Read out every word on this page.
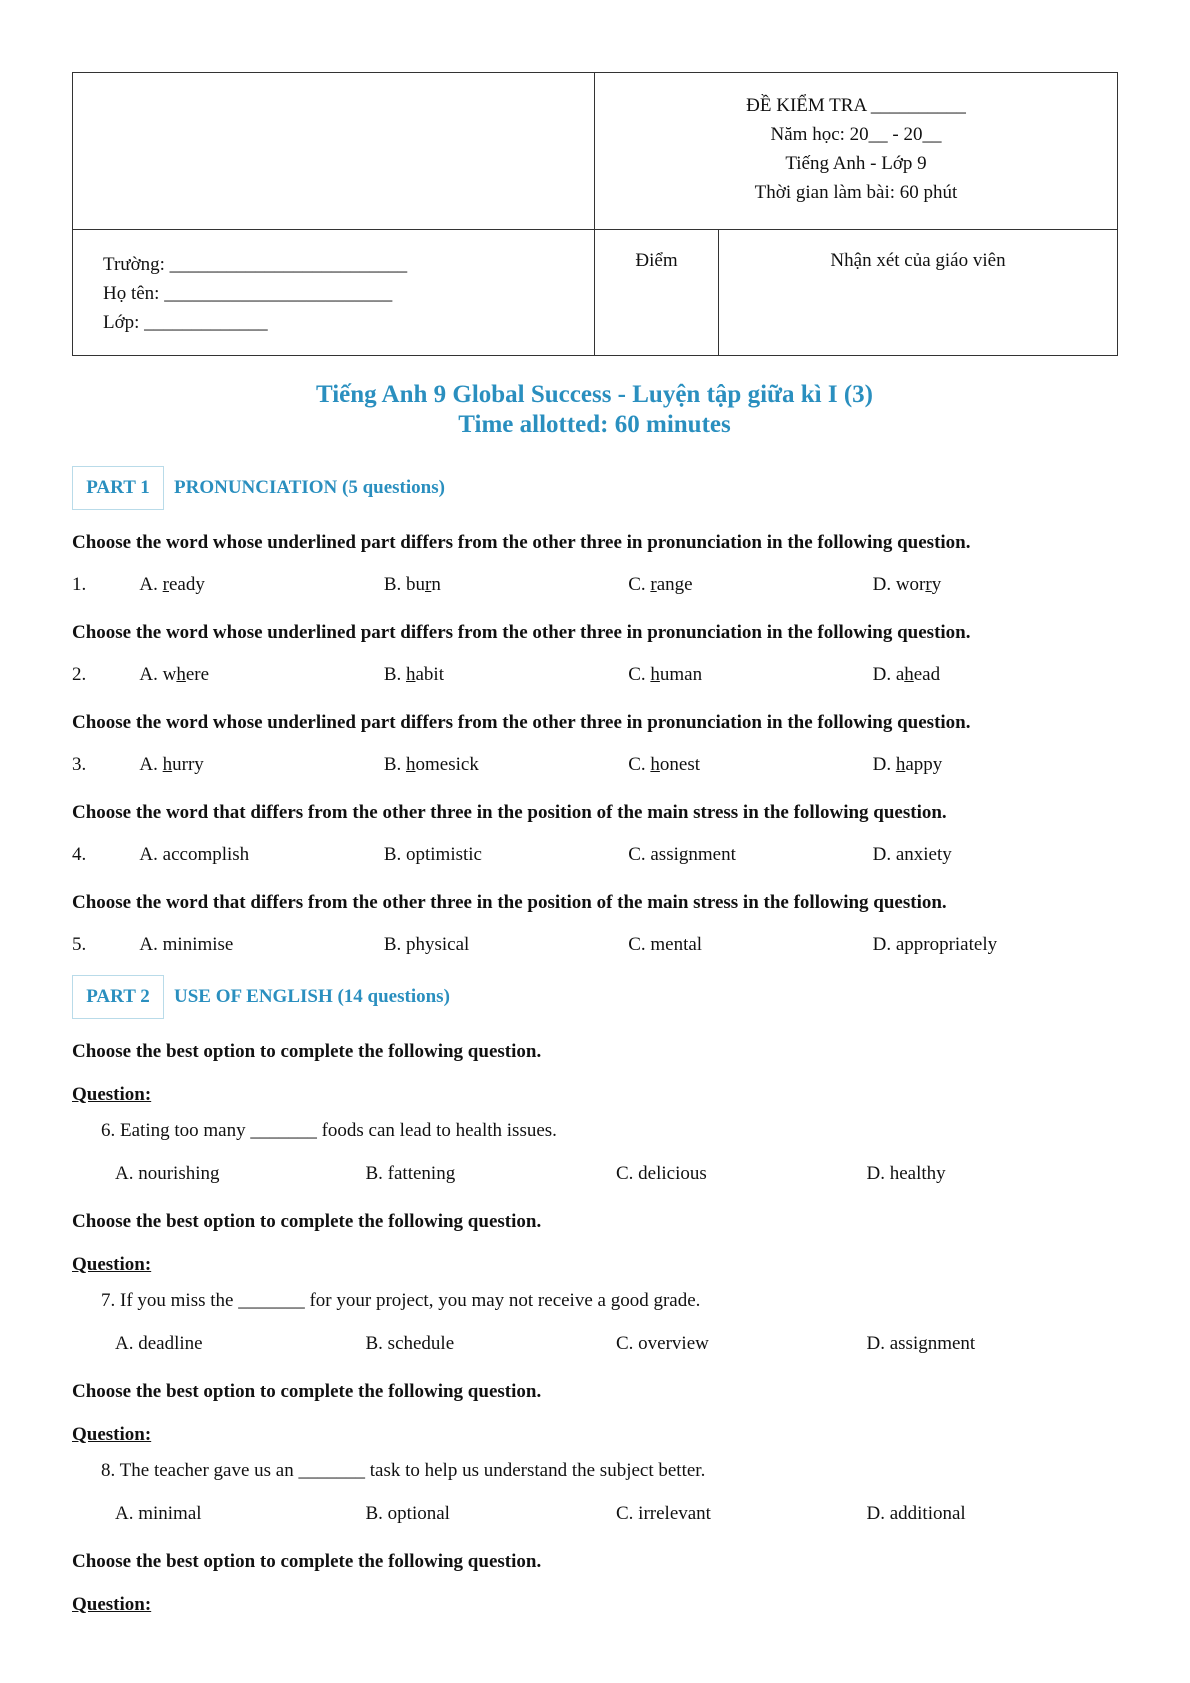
	ĐỀ KIỂM TRA __________
Năm học: 20__ - 20__
Tiếng Anh - Lớp 9
Thời gian làm bài: 60 phút	

Trường: _________________________
Họ tên: ________________________
Lớp: _____________	Điểm	Nhận xét của giáo viên
Tiếng Anh 9 Global Success - Luyện tập giữa kì I (3)
Time allotted: 60 minutes
PART 1	PRONUNCIATION (5 questions)
Choose the word whose underlined part differs from the other three in pronunciation in the following question.
1.	A. ready	B. burn	C. range	D. worry
Choose the word whose underlined part differs from the other three in pronunciation in the following question.
2.	A. where	B. habit	C. human	D. ahead
Choose the word whose underlined part differs from the other three in pronunciation in the following question.
3.	A. hurry	B. homesick	C. honest	D. happy
Choose the word that differs from the other three in the position of the main stress in the following question.
4.	A. accomplish	B. optimistic	C. assignment	D. anxiety
Choose the word that differs from the other three in the position of the main stress in the following question.
5.	A. minimise	B. physical	C. mental	D. appropriately
PART 2	USE OF ENGLISH (14 questions)
Choose the best option to complete the following question.
Question:
6. Eating too many _______ foods can lead to health issues.
A. nourishing	B. fattening	C. delicious	D. healthy
Choose the best option to complete the following question.
Question:
7. If you miss the _______ for your project, you may not receive a good grade.
A. deadline	B. schedule	C. overview	D. assignment
Choose the best option to complete the following question.
Question:
8. The teacher gave us an _______ task to help us understand the subject better.
A. minimal	B. optional	C. irrelevant	D. additional
Choose the best option to complete the following question.
Question:
